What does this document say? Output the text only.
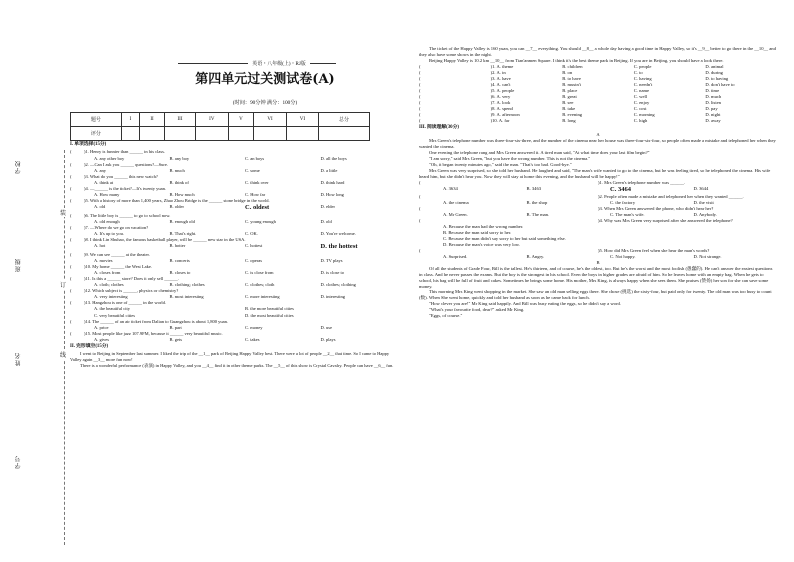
学校
班级
姓名
学号
装
订
线
英语・八年级(上)・RJ版
第四单元过关测试卷(A)
(时间：90分钟 满分：100分)
题号	I	II	III	IV	V	VI	VI	总分
评分								
I. 单项选择(15分)
(	)1. Henry is funnier than ______ in his class.
A. any other boy	B. any boy	C. an boys	D. all the boys
(	)2. —Can I ask you ______ questions?—Sure.
A. any	B. much	C. some	D. a little
(	)3. What do you ______ this new watch?
A. think at	B. think of	C. think over	D. think hard
(	)4. —______ is the ticket?—It's twenty yuan.
A. How many	B. How much	C. How far	D. How long
(	)5. With a history of more than 1,400 years, Zhao Zhou Bridge is the ______ stone bridge in the world.
A. old	B. older	C. oldest	D. elder
(	)6. The little boy is ______ to go to school now.
A. old enough	B. enough old	C. young enough	D. old
(	)7. —Where do we go on vacation?
A. It's up to you.	B. That's right.	C. OK.	D. You're welcome.
(	)8. I think Lin Shuhao, the famous basketball player, will be ______ new star in the USA.
A. hot	B. hotter	C. hottest	D. the hottest
(	)9. We can see ______ at the theater.
A. movies	B. concerts	C. operas	D. TV plays
(	)10. My home ______ the West Lake.
A. closes from	B. closes to	C. is close from	D. is close to
(	)11. Is this a ______ store? Does it only sell ______.
A. cloth; clothes	B. clothing; clothes	C. clothes; cloth	D. clothes; clothing
(	)12. Which subject is ______, physics or chemistry?
A. very interesting	B. most interesting	C. more interesting	D. interesting
(	)13. Hangzhou is one of ______ in the world.
A. the beautiful city	B. the more beautiful cities
C. very beautiful cities	D. the most beautiful cities
(	)14. The ______ of an air ticket from Dalian to Guangzhou is about 1,800 yuan.
A. price	B. part	C. money	D. use
(	)15. Most people like jazz 107.9FM, because it ______ very beautiful music.
A. gives	B. gets	C. takes	D. plays
II. 完形填空(15分)

I went to Beijing in September last summer. I liked the trip of the __1__ park of Beijing Happy Valley best. There were a lot of people __2__ that time. So I came to Happy Valley again __3__ more fun now!

There is a wonderful performance (表演) in Happy Valley, and you __4__ find it in other theme parks. The __5__ of this show is Crystal Cavalry. People can have __6__ fun.

The ticket of the Happy Valley is 160 yuan, you can __7__ everything. You should __8__ a whole day having a good time in Happy Valley, so it's __9__ better to go there in the __10__ and they also have some shows in the night.

Beijing Happy Valley is 10.2 km __10__ from Tian'anmen Square. I think it's the best theme park in Beijing. If you are in Beijing, you should have a look there.

(	)1. A. theme	B. children	C. people	D. animal
(	)2. A. in	B. on	C. to	D. during
(	)3. A. have	B. to have	C. having	D. to having
(	)4. A. can't	B. mustn't	C. needn't	D. don't have to
(	)5. A. people	B. place	C. name	D. time
(	)6. A. very	B. great	C. well	D. much
(	)7. A. look	B. see	C. enjoy	D. listen
(	)8. A. spend	B. take	C. cost	D. pay
(	)9. A. afternoon	B. evening	C. morning	D. night
(	)10. A. far	B. long	C. high	D. away
III. 阅读理解(30分)
A

Mrs Green's telephone number was three-four-six-three, and the number of the cinema near her house was three-four-six-four, so people often made a mistake and telephoned her when they wanted the cinema.

One evening the telephone rang and Mrs Green answered it. A tired man said, "At what time does your last film begin?"

"I am sorry," said Mrs Green, "but you have the wrong number. This is not the cinema."

"Oh, it began twenty minutes ago," said the man. "That's too bad. Good-bye."

Mrs Green was very surprised, so she told her husband. He laughed and said, "The man's wife wanted to go to the cinema, but he was feeling tired, so he telephoned the cinema. His wife heard him, but she didn't hear you. Now they will stay at home this evening, and the husband will be happy!"

(	)1. Mrs Green's telephone number was ______.
A. 3634	B. 3463	C. 3464	D. 3644
(	)2. People often made a mistake and telephoned her when they wanted ______.
A. the cinema	B. the shop	C. the factory	D. the visit
(	)3. When Mrs Green answered the phone, who didn't hear her?
A. Mr Green.	B. The man.	C. The man's wife.	D. Anybody.
(	)4. Why was Mrs Green very surprised after she answered the telephone?
A. Because the man had the wrong number.
B. Because the man said sorry to her.
C. Because the man didn't say sorry to her but said something else.
D. Because the man's voice was very low.
(	)5. How did Mrs Green feel when she hear the man's words?
A. Surprised.	B. Angry.	C. Not happy.	D. Not strange.
B

Of all the students of Grade Four, Bill is the tallest. He's thirteen, and of course, he's the oldest, too. But he's the worst and the most foolish (愚蠢的). He can't answer the easiest questions in class. And he never passes the exams. But the boy is the strongest in his school. Even the boys in higher grades are afraid of him. So he leaves home with an empty bag. When he gets to school, his bag will be full of fruit and cakes. Sometimes he brings some home. His mother, Mrs King, is always happy when she sees them. She praises (赞扬) her son for she can save some money.

This morning Mrs King went shopping in the market. She saw an old man selling eggs there. She chose (挑选) the sixty-four, but paid only for twenty. The old man was too busy to count (数). When She went home, quickly and told her husband as soon as he came back for lunch.

"How clever you are!" Mr King said happily. And Bill was busy eating the eggs, so he didn't say a word.

"What's your favourite food, dear?" asked Mr King.

"Eggs, of course."
